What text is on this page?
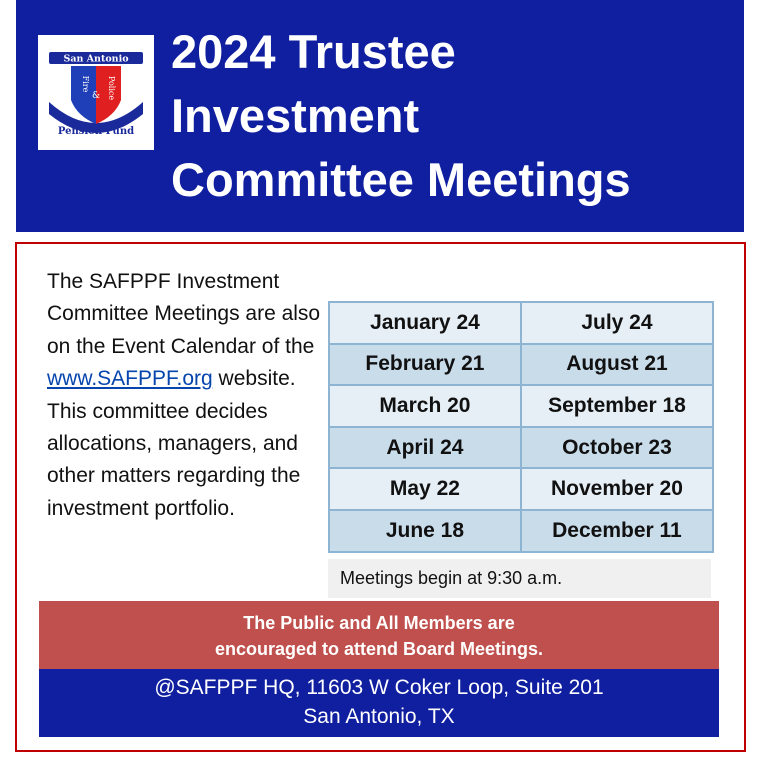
San Antonio
Fire
& Police
Pension Fund
2024 Trustee
Investment
Committee Meetings

The SAFPPF Investment Committee Meetings are also on the Event Calendar of the www.SAFPPF.org website. This committee decides allocations, managers, and other matters regarding the investment portfolio.

January 24	July 24
February 21	August 21
March 20	September 18
April 24	October 23
May 22	November 20
June 18	December 11
Meetings begin at 9:30 a.m.
The Public and All Members are
encouraged to attend Board Meetings.
@SAFPPF HQ, 11603 W Coker Loop, Suite 201
San Antonio, TX
